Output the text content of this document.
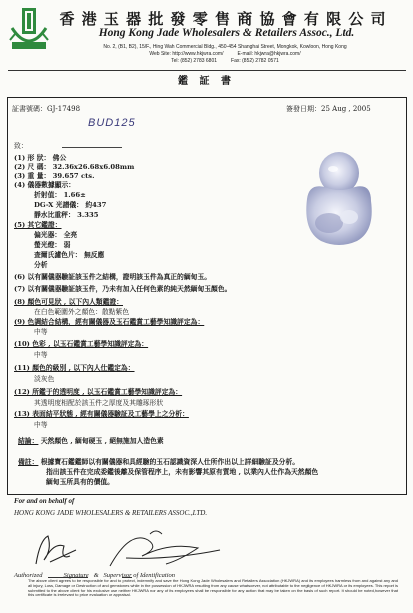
香 港 玉 器 批 發 零 售 商 協 會 有 限 公 司
Hong Kong Jade Wholesalers & Retailers Assoc., Ltd.
No. 2, (B1, B2), 15/F., Hing Wah Commercial Bldg., 450-454 Shanghai Street, Mongkok, Kowloon, Hong Kong
Web Site: http://www.hkjwra.com/	E-mail: hkjwra@hkjwra.com/
Tel: (852) 2783 6801	Fax: (852) 2782 0571
鑑 証 書
証書號碼：GJ-17498	簽發日期：25 Aug , 2005
BUD125
致：
(1) 形 狀： 佛公
(2) 尺 碼： 32.36x26.68x6.08mm
(3) 重 量： 39.657 cts.
(4) 儀器數據顯示：
折射值： 1.66±
DG-X 光譜儀： 約437
靜水比重秤： 3.335
(5) 其它鑑證：
偏光器： 全亮
螢光燈： 弱
查爾氏濾色片： 無反應
分析
(6) 以有關儀器驗証該玉件之結構，證明該玉件為真正的緬甸玉。
(7) 以有關儀器驗証該玉件，乃未有加入任何色素的純天然緬甸玉顏色。
(8) 顏色可見狀 , 以下內人類鑑證：
在白色範圍外之顏色：散點紫色
(9) 色調結合結構，經有關儀器及玉石鑑賞工藝學知識評定為：
中等
(10) 色彩 , 以玉石鑑賞工藝學知識評定為：
中等
(11) 顏色的級別 , 以下內人仕鑑定為：
淡灰色
(12) 所鑑于的透明度 , 以玉石鑑賞工藝學知識評定為：
其透明度相配於該玉件之厚度及其雕琢形狀
(13) 表面結平狀態 , 經有關儀器驗証及工藝學上之分析：
中等
結論： 天然顏色 , 緬甸硬玉 , 絕無施加人造色素
備註： 根據寶石鑑鑑師以有關儀器和具經驗的玉石認識資深人仕所作出以上詳細驗証及分析。
指出該玉件在完成委鑑後離及保管程序上，未有影響其原有質地 , 以業內人仕作為天然顏色
緬甸玉所具有的價值。
For and on behalf of
HONG KONG JADE WHOLESALERS & RETAILERS ASSOC.,LTD.
Authorized	Signature & Supervisor of Identification
The above client agrees to be responsible for and to protect, indemnify and save the Hong Kong Jade Wholesalers and Retailers Association (HKJWRA) and its employees harmless from and against any and all injury, Loss, Damage or Destruction of and gemstones while in the possession of HKJWRA resulting from any cause whatsoever, not attributable to the negligence of HKJWRA or its employees. This report is submitted to the above client for his exclusive use neither HKJWRA nor any of its employees shall be responsible for any action that may be taken on the basis of such report. It should be noted,however that this certificate is irrelevant to price evaluation or appraisal.
